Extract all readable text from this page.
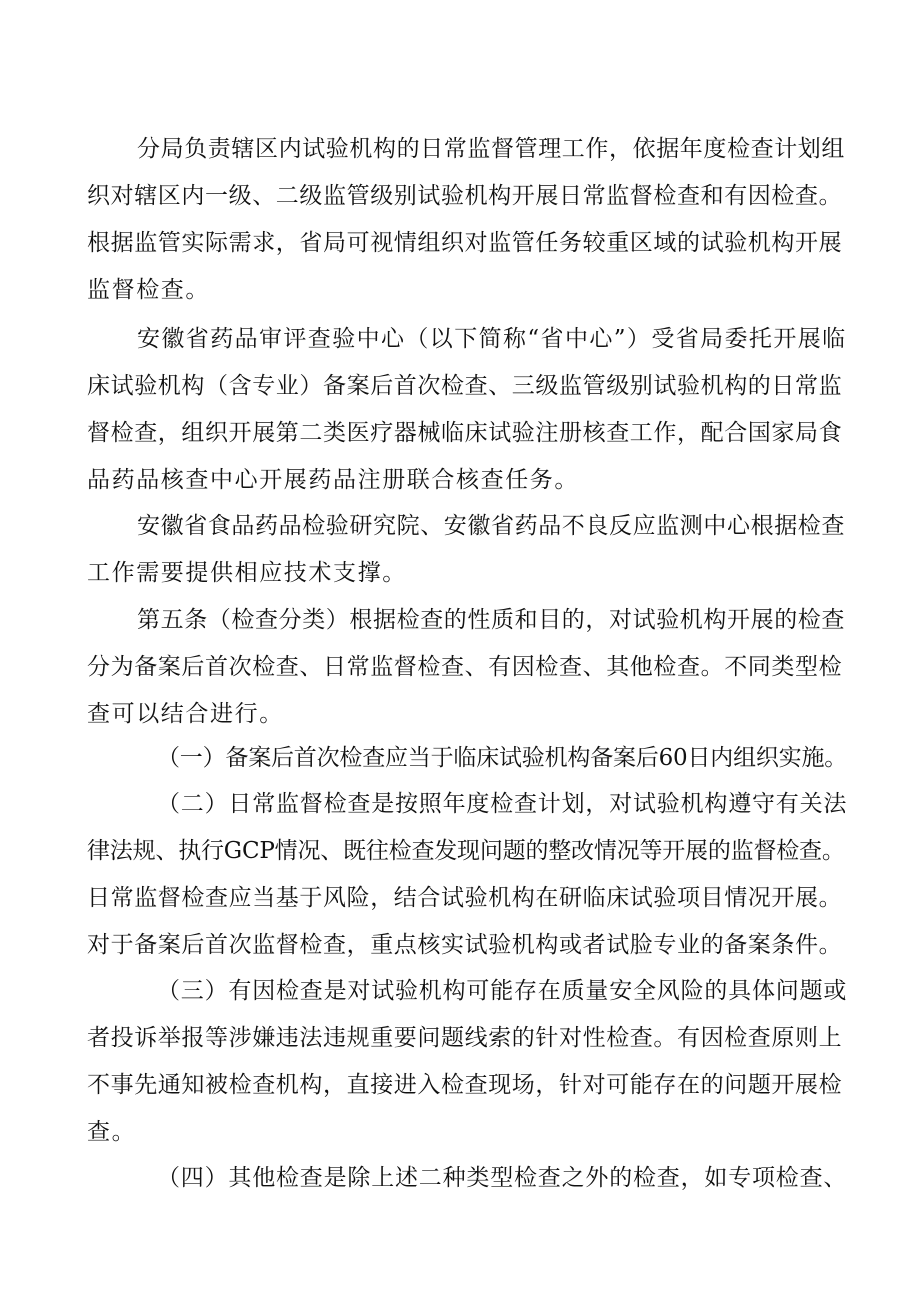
分局负责辖区内试验机构的日常监督管理工作，依据年度检查计划组
织对辖区内一级、二级监管级别试验机构开展日常监督检查和有因检查。
根据监管实际需求，省局可视情组织对监管任务较重区域的试验机构开展
监督检查。
安徽省药品审评查验中心（以下简称“省中心”）受省局委托开展临
床试验机构（含专业）备案后首次检查、三级监管级别试验机构的日常监
督检查，组织开展第二类医疗器械临床试验注册核查工作，配合国家局食
品药品核查中心开展药品注册联合核查任务。
安徽省食品药品检验研究院、安徽省药品不良反应监测中心根据检查
工作需要提供相应技术支撑。
第五条（检查分类）根据检查的性质和目的，对试验机构开展的检查
分为备案后首次检查、日常监督检查、有因检查、其他检查。不同类型检
查可以结合进行。
（一）备案后首次检查应当于临床试验机构备案后60日内组织实施。
（二）日常监督检查是按照年度检查计划，对试验机构遵守有关法
律法规、执行GCP情况、既往检查发现问题的整改情况等开展的监督检查。
日常监督检查应当基于风险，结合试验机构在研临床试验项目情况开展。
对于备案后首次监督检查，重点核实试验机构或者试脸专业的备案条件。
（三）有因检查是对试验机构可能存在质量安全风险的具体问题或
者投诉举报等涉嫌违法违规重要问题线索的针对性检查。有因检查原则上
不事先通知被检查机构，直接进入检查现场，针对可能存在的问题开展检
查。
（四）其他检查是除上述二种类型检查之外的检查，如专项检查、
